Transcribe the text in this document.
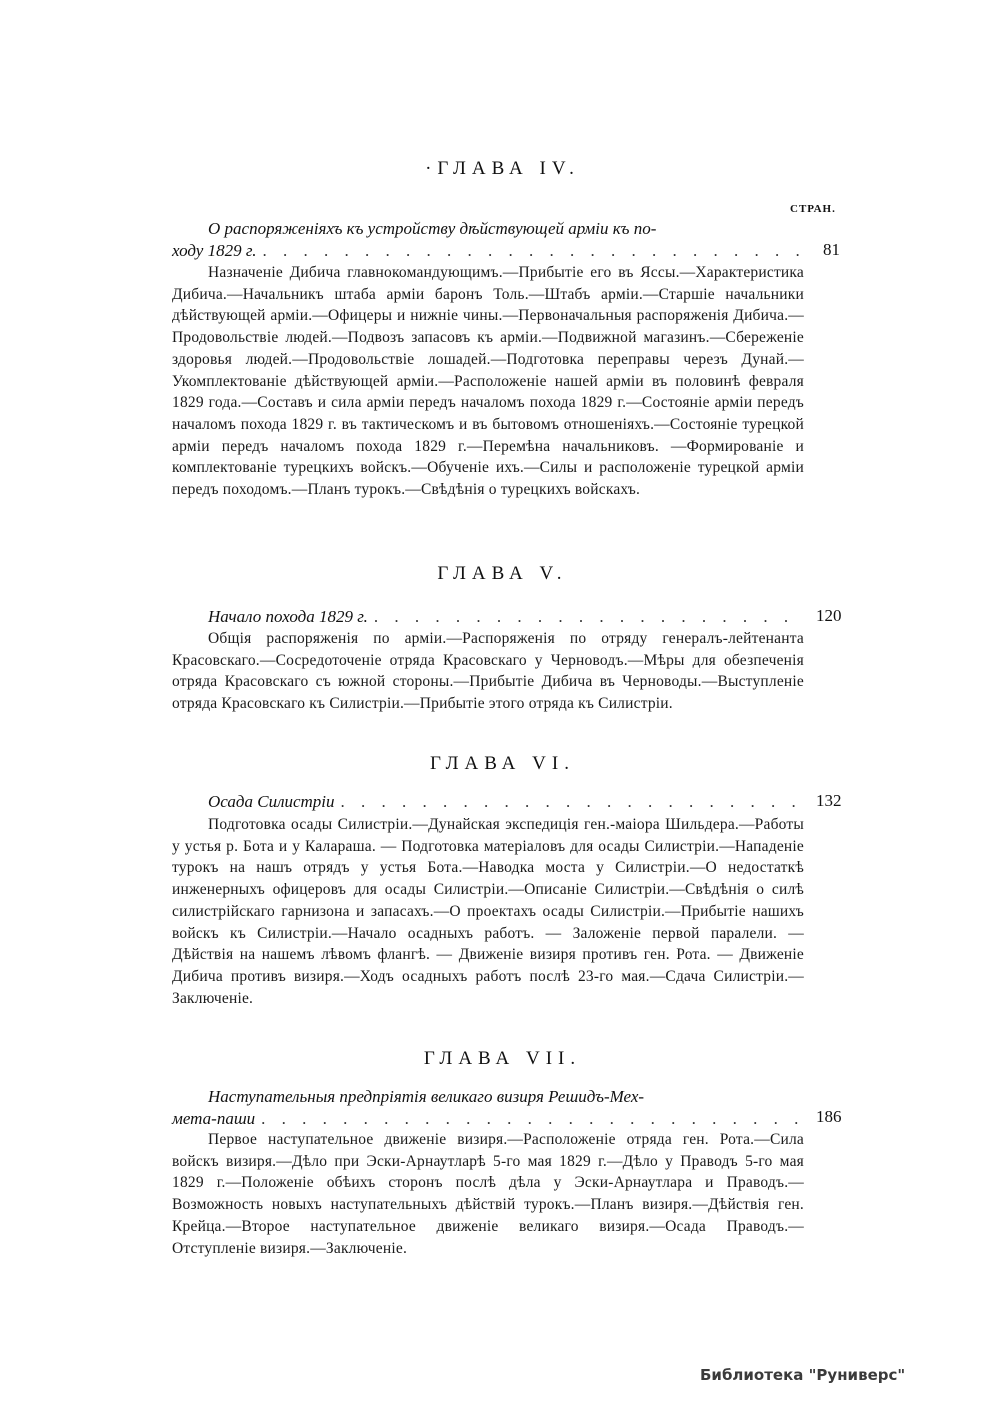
·ГЛАВА IV.
СТРАН.
О распоряженіяхъ къ устройству дѣйствующей арміи къ по-
ходу 1829 г. . . .	81
Назначеніе Дибича главнокомандующимъ.—Прибытіе его въ Яссы.—Характеристика Дибича.—Начальникъ штаба арміи баронъ Толь.—Штабъ арміи.—Старшіе начальники дѣйствующей арміи.—Офицеры и нижніе чины.—Первоначальныя распоряженія Дибича.—Продовольствіе людей.—Подвозъ запасовъ къ арміи.—Подвижной магазинъ.—Сбереженіе здоровья людей.—Продовольствіе лошадей.—Подготовка переправы черезъ Дунай.—Укомплектованіе дѣйствующей арміи.—Расположеніе нашей арміи въ половинѣ февраля 1829 года.—Составъ и сила арміи передъ началомъ похода 1829 г.—Состояніе арміи передъ началомъ похода 1829 г. въ тактическомъ и въ бытовомъ отношеніяхъ.—Состояніе турецкой арміи передъ началомъ похода 1829 г.—Перемѣна начальниковъ. —Формированіе и комплектованіе турецкихъ войскъ.—Обученіе ихъ.—Силы и расположеніе турецкой арміи передъ походомъ.—Планъ турокъ.—Свѣдѣнія о турецкихъ войскахъ.
ГЛАВА V.
Начало похода 1829 г. . . .	120
Общія распоряженія по арміи.—Распоряженія по отряду генералъ-лейтенанта Красовскаго.—Сосредоточеніе отряда Красовскаго у Черноводъ.—Мѣры для обезпеченія отряда Красовскаго съ южной стороны.—Прибытіе Дибича въ Черноводы.—Выступленіе отряда Красовскаго къ Силистріи.—Прибытіе этого отряда къ Силистріи.
ГЛАВА VI.
Осада Силистріи . . .	132
Подготовка осады Силистріи.—Дунайская экспедиція ген.-маіора Шильдера.—Работы у устья р. Бота и у Калараша. — Подготовка матеріаловъ для осады Силистріи.—Нападеніе турокъ на нашъ отрядъ у устья Бота.—Наводка моста у Силистріи.—О недостаткѣ инженерныхъ офицеровъ для осады Силистріи.—Описаніе Силистріи.—Свѣдѣнія о силѣ силистрійскаго гарнизона и запасахъ.—О проектахъ осады Силистріи.—Прибытіе нашихъ войскъ къ Силистріи.—Начало осадныхъ работъ. — Заложеніе первой паралели. — Дѣйствія на нашемъ лѣвомъ флангѣ. — Движеніе визиря противъ ген. Рота. — Движеніе Дибича противъ визиря.—Ходъ осадныхъ работъ послѣ 23-го мая.—Сдача Силистріи.—Заключеніе.
ГЛАВА VII.
Наступательныя предпріятія великаго визиря Решидъ-Мех-
мета-паши . . .	186
Первое наступательное движеніе визиря.—Расположеніе отряда ген. Рота.—Сила войскъ визиря.—Дѣло при Эски-Арнаутларѣ 5-го мая 1829 г.—Дѣло у Праводъ 5-го мая 1829 г.—Положеніе обѣихъ сторонъ послѣ дѣла у Эски-Арнаутлара и Праводъ.—Возможность новыхъ наступательныхъ дѣйствій турокъ.—Планъ визиря.—Дѣйствія ген. Крейца.—Второе наступательное движеніе великаго визиря.—Осада Праводъ.—Отступленіе визиря.—Заключеніе.
Библиотека "Руниверс"
